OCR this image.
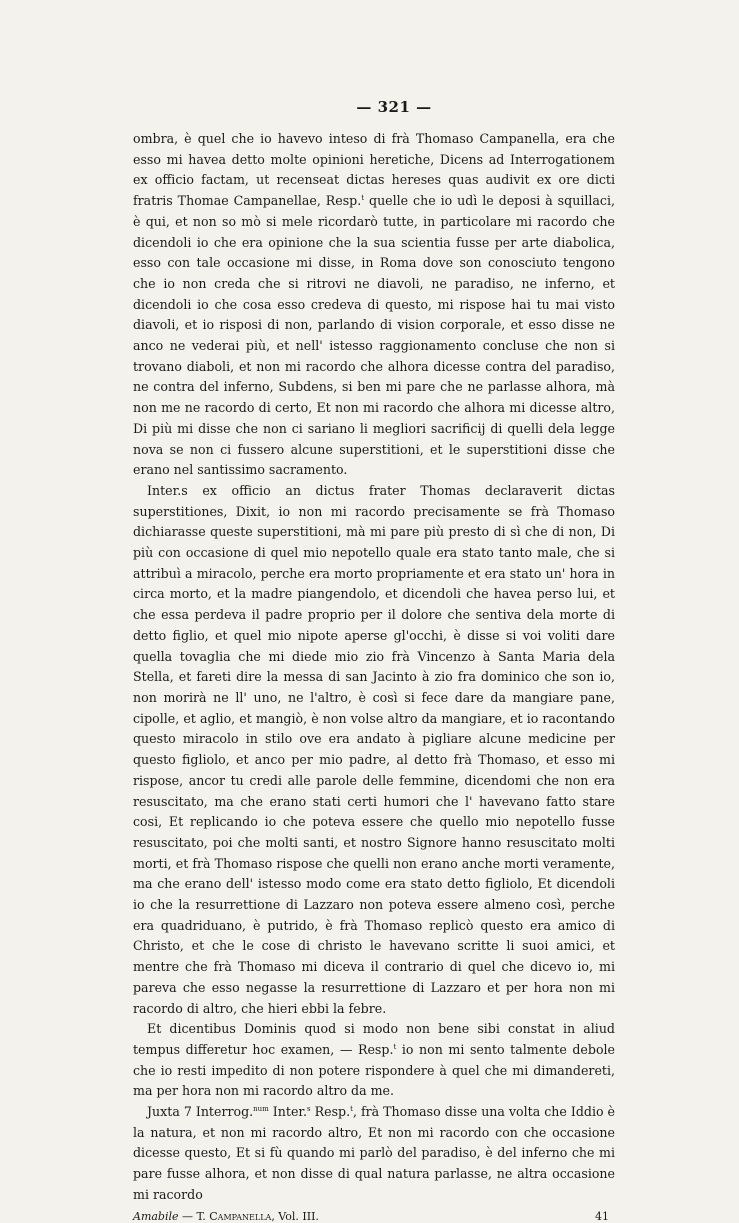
— 321 —

ombra, è quel che io havevo inteso di frà Thomaso Campanella, era che esso mi havea detto molte opinioni heretiche, Dicens ad Interrogationem ex officio factam, ut recenseat dictas hereses quas audivit ex ore dicti fratris Thomae Campanellae, Resp.$^t$ quelle che io udì le deposi à squillaci, è qui, et non so mò si mele ricordarò tutte, in particolare mi racordo che dicendoli io che era opinione che la sua scientia fusse per arte diabolica, esso con tale occasione mi disse, in Roma dove son conosciuto tengono che io non creda che si ritrovi ne diavoli, ne paradiso, ne inferno, et dicendoli io che cosa esso credeva di questo, mi rispose hai tu mai visto diavoli, et io risposi di non, parlando di vision corporale, et esso disse ne anco ne vederai più, et nell' istesso raggionamento concluse che non si trovano diaboli, et non mi racordo che alhora dicesse contra del paradiso, ne contra del inferno, Subdens, si ben mi pare che ne parlasse alhora, mà non me ne racordo di certo, Et non mi racordo che alhora mi dicesse altro, Di più mi disse che non ci sariano li megliori sacrificij di quelli dela legge nova se non ci fussero alcune superstitioni, et le superstitioni disse che erano nel santissimo sacramento.

Inter.s ex officio an dictus frater Thomas declaraverit dictas superstitiones, Dixit, io non mi racordo precisamente se frà Thomaso dichiarasse queste superstitioni, mà mi pare più presto di sì che di non, Di più con occasione di quel mio nepotello quale era stato tanto male, che si attribuì a miracolo, perche era morto propriamente et era stato un' hora in circa morto, et la madre piangendolo, et dicendoli che havea perso lui, et che essa perdeva il padre proprio per il dolore che sentiva dela morte di detto figlio, et quel mio nipote aperse gl'occhi, è disse si voi voliti dare quella tovaglia che mi diede mio zio frà Vincenzo à Santa Maria dela Stella, et fareti dire la messa di san Jacinto à zio fra dominico che son io, non morirà ne ll' uno, ne l'altro, è così si fece dare da mangiare pane, cipolle, et aglio, et mangiò, è non volse altro da mangiare, et io racontando questo miracolo in stilo ove era andato à pigliare alcune medicine per questo figliolo, et anco per mio padre, al detto frà Thomaso, et esso mi rispose, ancor tu credi alle parole delle femmine, dicendomi che non era resuscitato, ma che erano stati certi humori che l' havevano fatto stare cosi, Et replicando io che poteva essere che quello mio nepotello fusse resuscitato, poi che molti santi, et nostro Signore hanno resuscitato molti morti, et frà Thomaso rispose che quelli non erano anche morti veramente, ma che erano dell' istesso modo come era stato detto figliolo, Et dicendoli io che la resurrettione di Lazzaro non poteva essere almeno così, perche era quadriduano, è putrido, è frà Thomaso replicò questo era amico di Christo, et che le cose di christo le havevano scritte li suoi amici, et mentre che frà Thomaso mi diceva il contrario di quel che dicevo io, mi pareva che esso negasse la resurrettione di Lazzaro et per hora non mi racordo di altro, che hieri ebbi la febre.

Et dicentibus Dominis quod si modo non bene sibi constat in aliud tempus differetur hoc examen, — Resp.$^t$ io non mi sento talmente debole che io resti impedito di non potere rispondere à quel che mi dimandereti, ma per hora non mi racordo altro da me.

Juxta 7 Interrog.$^{num}$ Inter.$^s$ Resp.$^t$, frà Thomaso disse una volta che Iddio è la natura, et non mi racordo altro, Et non mi racordo con che occasione dicesse questo, Et si fù quando mi parlò del paradiso, è del inferno che mi pare fusse alhora, et non disse di qual natura parlasse, ne altra occasione mi racordo

Amabile — T. Campanella, Vol. III.	41
